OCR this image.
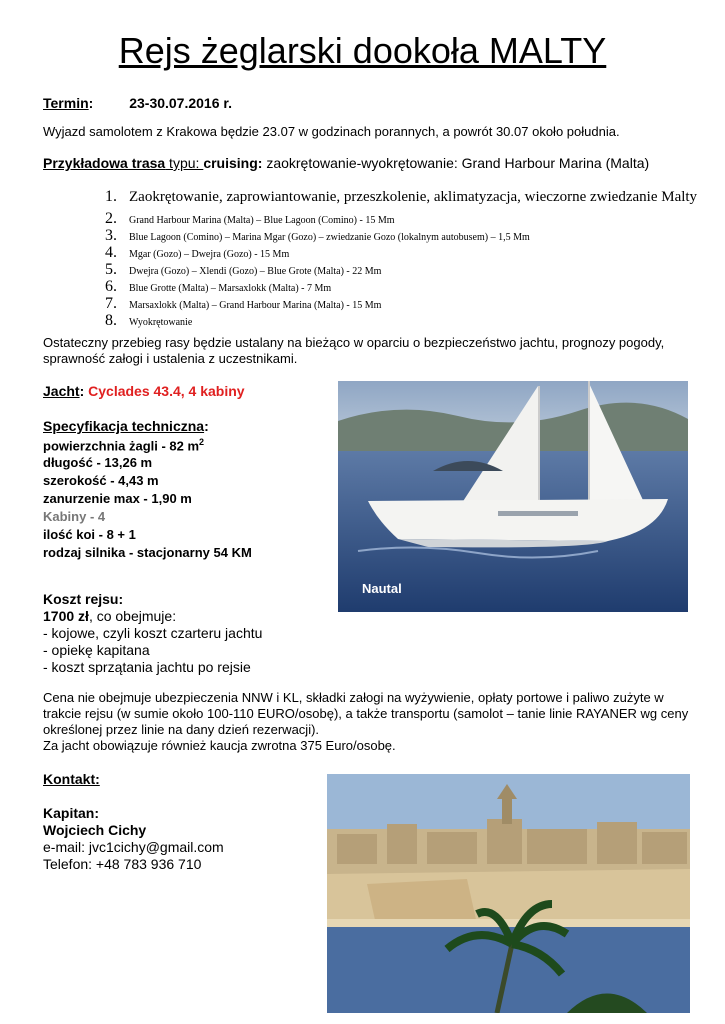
Rejs żeglarski dookoła MALTY
Termin:	23-30.07.2016 r.
Wyjazd samolotem z Krakowa będzie 23.07 w godzinach porannych, a powrót 30.07 około południa.
Przykładowa trasa typu: cruising: zaokrętowanie-wyokrętowanie: Grand Harbour Marina (Malta)
1. Zaokrętowanie, zaprowiantowanie, przeszkolenie, aklimatyzacja, wieczorne zwiedzanie Malty
2.	Grand Harbour Marina (Malta) – Blue Lagoon (Comino) - 15 Mm
3.	Blue Lagoon (Comino) – Marina Mgar (Gozo) – zwiedzanie Gozo (lokalnym autobusem) – 1,5 Mm
4.	Mgar (Gozo) – Dwejra (Gozo) - 15 Mm
5.	Dwejra (Gozo) – Xlendi (Gozo) – Blue Grote (Malta) - 22 Mm
6.	Blue Grotte (Malta) – Marsaxlokk (Malta) - 7 Mm
7.	Marsaxlokk (Malta) – Grand Harbour Marina (Malta) - 15 Mm
8.	Wyokrętowanie
Ostateczny przebieg rasy będzie ustalany na bieżąco w oparciu o bezpieczeństwo jachtu, prognozy pogody, sprawność załogi i ustalenia z uczestnikami.
Jacht: Cyclades 43.4, 4 kabiny
Specyfikacja techniczna:
powierzchnia żagli - 82 $m^2$
długość - 13,26 m
szerokość - 4,43 m
zanurzenie max - 1,90 m
Kabiny - 4
ilość koi - 8 + 1
rodzaj silnika - stacjonarny 54 KM
Nautal
Koszt rejsu:
1700 zł, co obejmuje:
- kojowe, czyli koszt czarteru jachtu
- opiekę kapitana
- koszt sprzątania jachtu po rejsie
Cena nie obejmuje ubezpieczenia NNW i KL, składki załogi na wyżywienie, opłaty portowe i paliwo zużyte w trakcie rejsu (w sumie około 100-110 EURO/osobę), a także transportu (samolot – tanie linie RAYANER wg ceny określonej przez linie na dany dzień rezerwacji).
Za jacht obowiązuje również kaucja zwrotna 375 Euro/osobę.
Kontakt:
Kapitan:
Wojciech Cichy
e-mail: jvc1cichy@gmail.com
Telefon: +48 783 936 710
